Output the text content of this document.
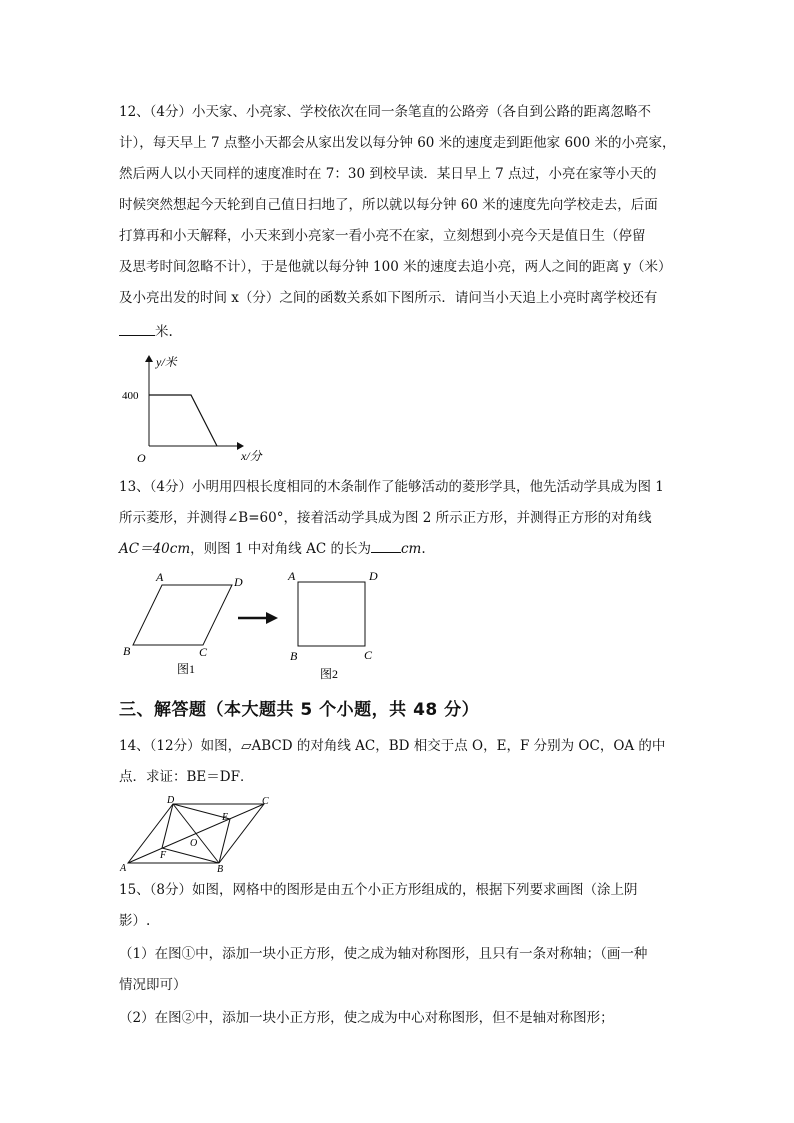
12、（4分）小天家、小亮家、学校依次在同一条笔直的公路旁（各自到公路的距离忽略不

计），每天早上 7 点整小天都会从家出发以每分钟 60 米的速度走到距他家 600 米的小亮家，

然后两人以小天同样的速度准时在 7：30 到校早读．某日早上 7 点过，小亮在家等小天的

时候突然想起今天轮到自己值日扫地了，所以就以每分钟 60 米的速度先向学校走去，后面

打算再和小天解释，小天来到小亮家一看小亮不在家，立刻想到小亮今天是值日生（停留

及思考时间忽略不计），于是他就以每分钟 100 米的速度去追小亮，两人之间的距离 y（米）

及小亮出发的时间 x（分）之间的函数关系如下图所示．请问当小天追上小亮时离学校还有

米.

y/米
400
x/分
O

13、（4分）小明用四根长度相同的木条制作了能够活动的菱形学具，他先活动学具成为图 1

所示菱形，并测得∠B=60°，接着活动学具成为图 2 所示正方形，并测得正方形的对角线

AC＝40cm，则图 1 中对角线 AC 的长为 cm.

A	D
B	C
图1
A	D
B	C
图2
三、解答题（本大题共 5 个小题，共 48 分）

14、（12分）如图，▱ABCD 的对角线 AC，BD 相交于点 O，E，F 分别为 OC，OA 的中

点．求证：BE＝DF．

D	C
E
O
F
A	B

15、（8分）如图，网格中的图形是由五个小正方形组成的，根据下列要求画图（涂上阴

影）.

（1）在图①中，添加一块小正方形，使之成为轴对称图形，且只有一条对称轴；（画一种

情况即可）

（2）在图②中，添加一块小正方形，使之成为中心对称图形，但不是轴对称图形；
